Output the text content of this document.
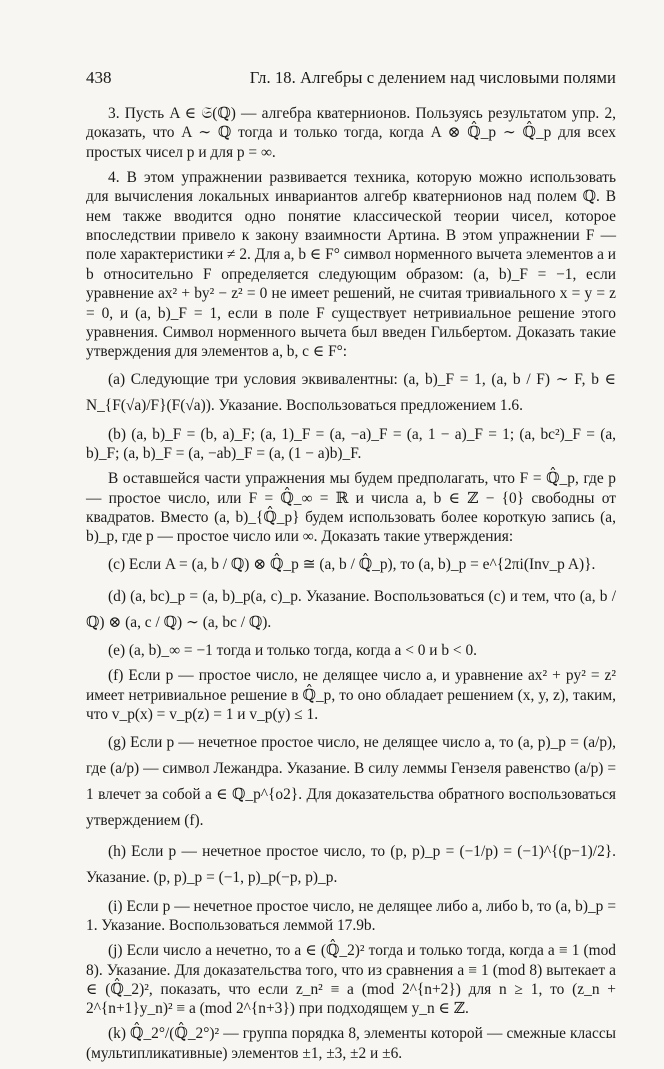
438	Гл. 18. Алгебры с делением над числовыми полями

3. Пусть A ∈ 𝔖(ℚ) — алгебра кватернионов. Пользуясь результатом упр. 2, доказать, что A ∼ ℚ тогда и только тогда, когда A ⊗ ℚ̂_p ∼ ℚ̂_p для всех простых чисел p и для p = ∞.

4. В этом упражнении развивается техника, которую можно использовать для вычисления локальных инвариантов алгебр кватернионов над полем ℚ. В нем также вводится одно понятие классической теории чисел, которое впоследствии привело к закону взаимности Артина. В этом упражнении F — поле характеристики ≠ 2. Для a, b ∈ F° символ норменного вычета элементов a и b относительно F определяется следующим образом: (a, b)_F = −1, если уравнение ax² + by² − z² = 0 не имеет решений, не считая тривиального x = y = z = 0, и (a, b)_F = 1, если в поле F существует нетривиальное решение этого уравнения. Символ норменного вычета был введен Гильбертом. Доказать такие утверждения для элементов a, b, c ∈ F°:

(a) Следующие три условия эквивалентны: (a, b)_F = 1, (a, b / F) ∼ F, b ∈ N_{F(√a)/F}(F(√a)). Указание. Воспользоваться предложением 1.6.

(b) (a, b)_F = (b, a)_F; (a, 1)_F = (a, −a)_F = (a, 1 − a)_F = 1; (a, bc²)_F = (a, b)_F; (a, b)_F = (a, −ab)_F = (a, (1 − a)b)_F.

В оставшейся части упражнения мы будем предполагать, что F = ℚ̂_p, где p — простое число, или F = ℚ̂_∞ = ℝ и числа a, b ∈ ℤ − {0} свободны от квадратов. Вместо (a, b)_{ℚ̂_p} будем использовать более короткую запись (a, b)_p, где p — простое число или ∞. Доказать такие утверждения:

(c) Если A = (a, b / ℚ) ⊗ ℚ̂_p ≅ (a, b / ℚ̂_p), то (a, b)_p = e^{2πi(Inv_p A)}.

(d) (a, bc)_p = (a, b)_p(a, c)_p. Указание. Воспользоваться (c) и тем, что (a, b / ℚ) ⊗ (a, c / ℚ) ∼ (a, bc / ℚ).

(e) (a, b)_∞ = −1 тогда и только тогда, когда a < 0 и b < 0.

(f) Если p — простое число, не делящее число a, и уравнение ax² + py² = z² имеет нетривиальное решение в ℚ̂_p, то оно обладает решением (x, y, z), таким, что v_p(x) = v_p(z) = 1 и v_p(y) ≤ 1.

(g) Если p — нечетное простое число, не делящее число a, то (a, p)_p = (a/p), где (a/p) — символ Лежандра. Указание. В силу леммы Гензеля равенство (a/p) = 1 влечет за собой a ∈ ℚ_p^{o2}. Для доказательства обратного воспользоваться утверждением (f).

(h) Если p — нечетное простое число, то (p, p)_p = (−1/p) = (−1)^{(p−1)/2}. Указание. (p, p)_p = (−1, p)_p(−p, p)_p.

(i) Если p — нечетное простое число, не делящее либо a, либо b, то (a, b)_p = 1. Указание. Воспользоваться леммой 17.9b.

(j) Если число a нечетно, то a ∈ (ℚ̂_2)² тогда и только тогда, когда a ≡ 1 (mod 8). Указание. Для доказательства того, что из сравнения a ≡ 1 (mod 8) вытекает a ∈ (ℚ̂_2)², показать, что если z_n² ≡ a (mod 2^{n+2}) для n ≥ 1, то (z_n + 2^{n+1}y_n)² ≡ a (mod 2^{n+3}) при подходящем y_n ∈ ℤ.

(k) ℚ̂_2°/(ℚ̂_2°)² — группа порядка 8, элементы которой — смежные классы (мультипликативные) элементов ±1, ±3, ±2 и ±6.
